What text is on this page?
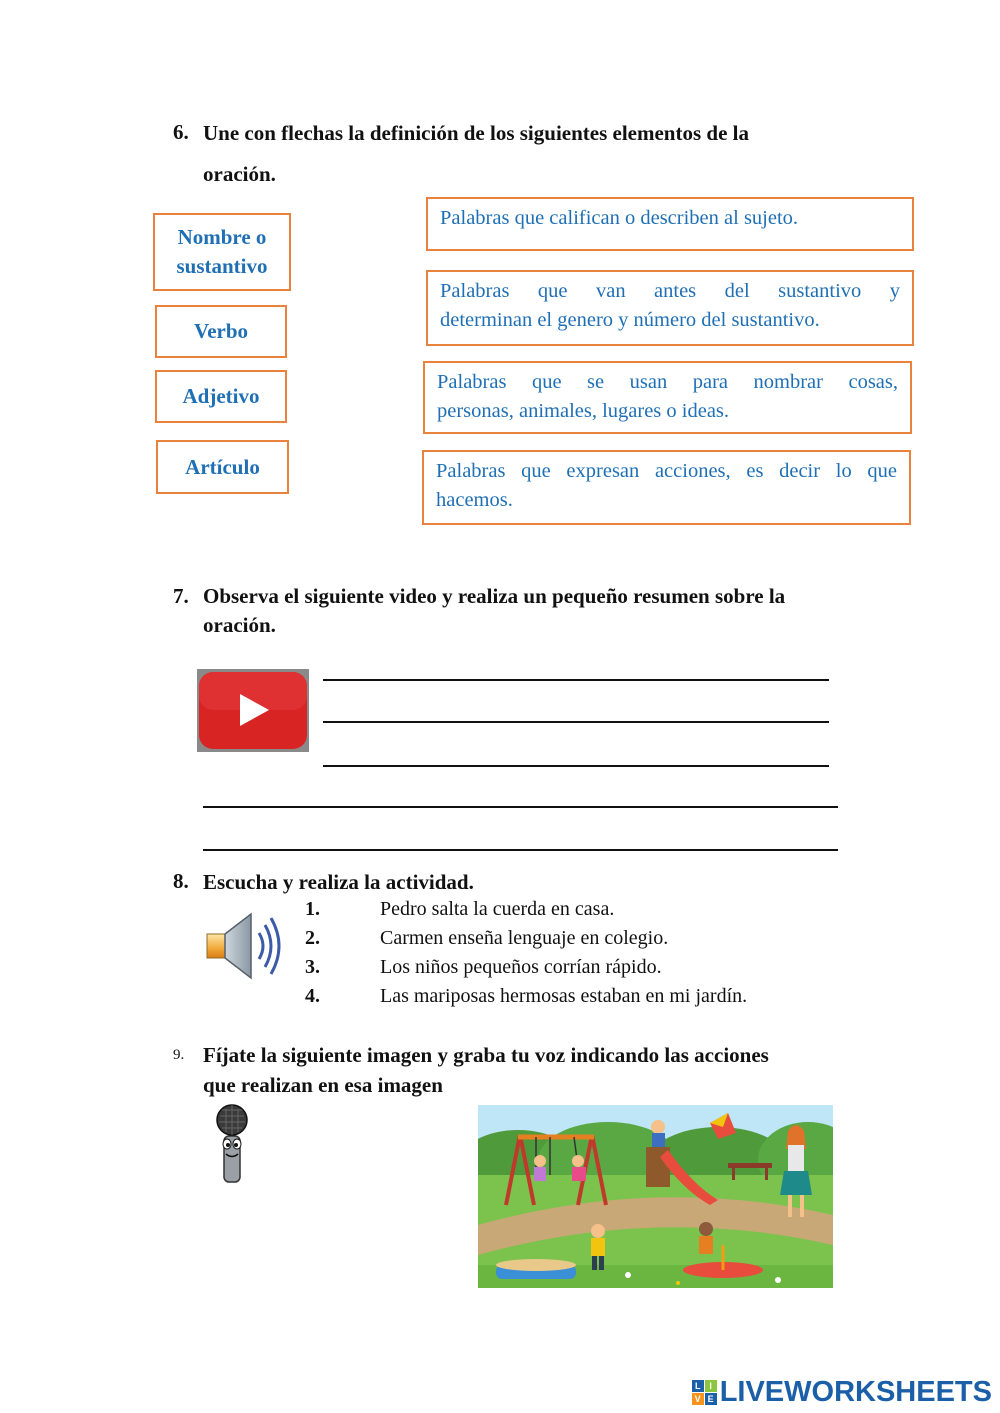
6. Une con flechas la definición de los siguientes elementos de la
oración.
Nombre o
sustantivo
Verbo
Adjetivo
Artículo
Palabras que califican o describen al sujeto.
Palabras que van antes del sustantivo y
determinan el genero y número del sustantivo.
Palabras que se usan para nombrar cosas,
personas, animales, lugares o ideas.
Palabras que expresan acciones, es decir lo que
hacemos.
7. Observa el siguiente video y realiza un pequeño resumen sobre la
oración.
8. Escucha y realiza la actividad.
1.	Pedro salta la cuerda en casa.
2.	Carmen enseña lenguaje en colegio.
3.	Los niños pequeños corrían rápido.
4.	Las mariposas hermosas estaban en mi jardín.
9. Fíjate la siguiente imagen y graba tu voz indicando las acciones
que realizan en esa imagen
L I
V E LIVEWORKSHEETS
